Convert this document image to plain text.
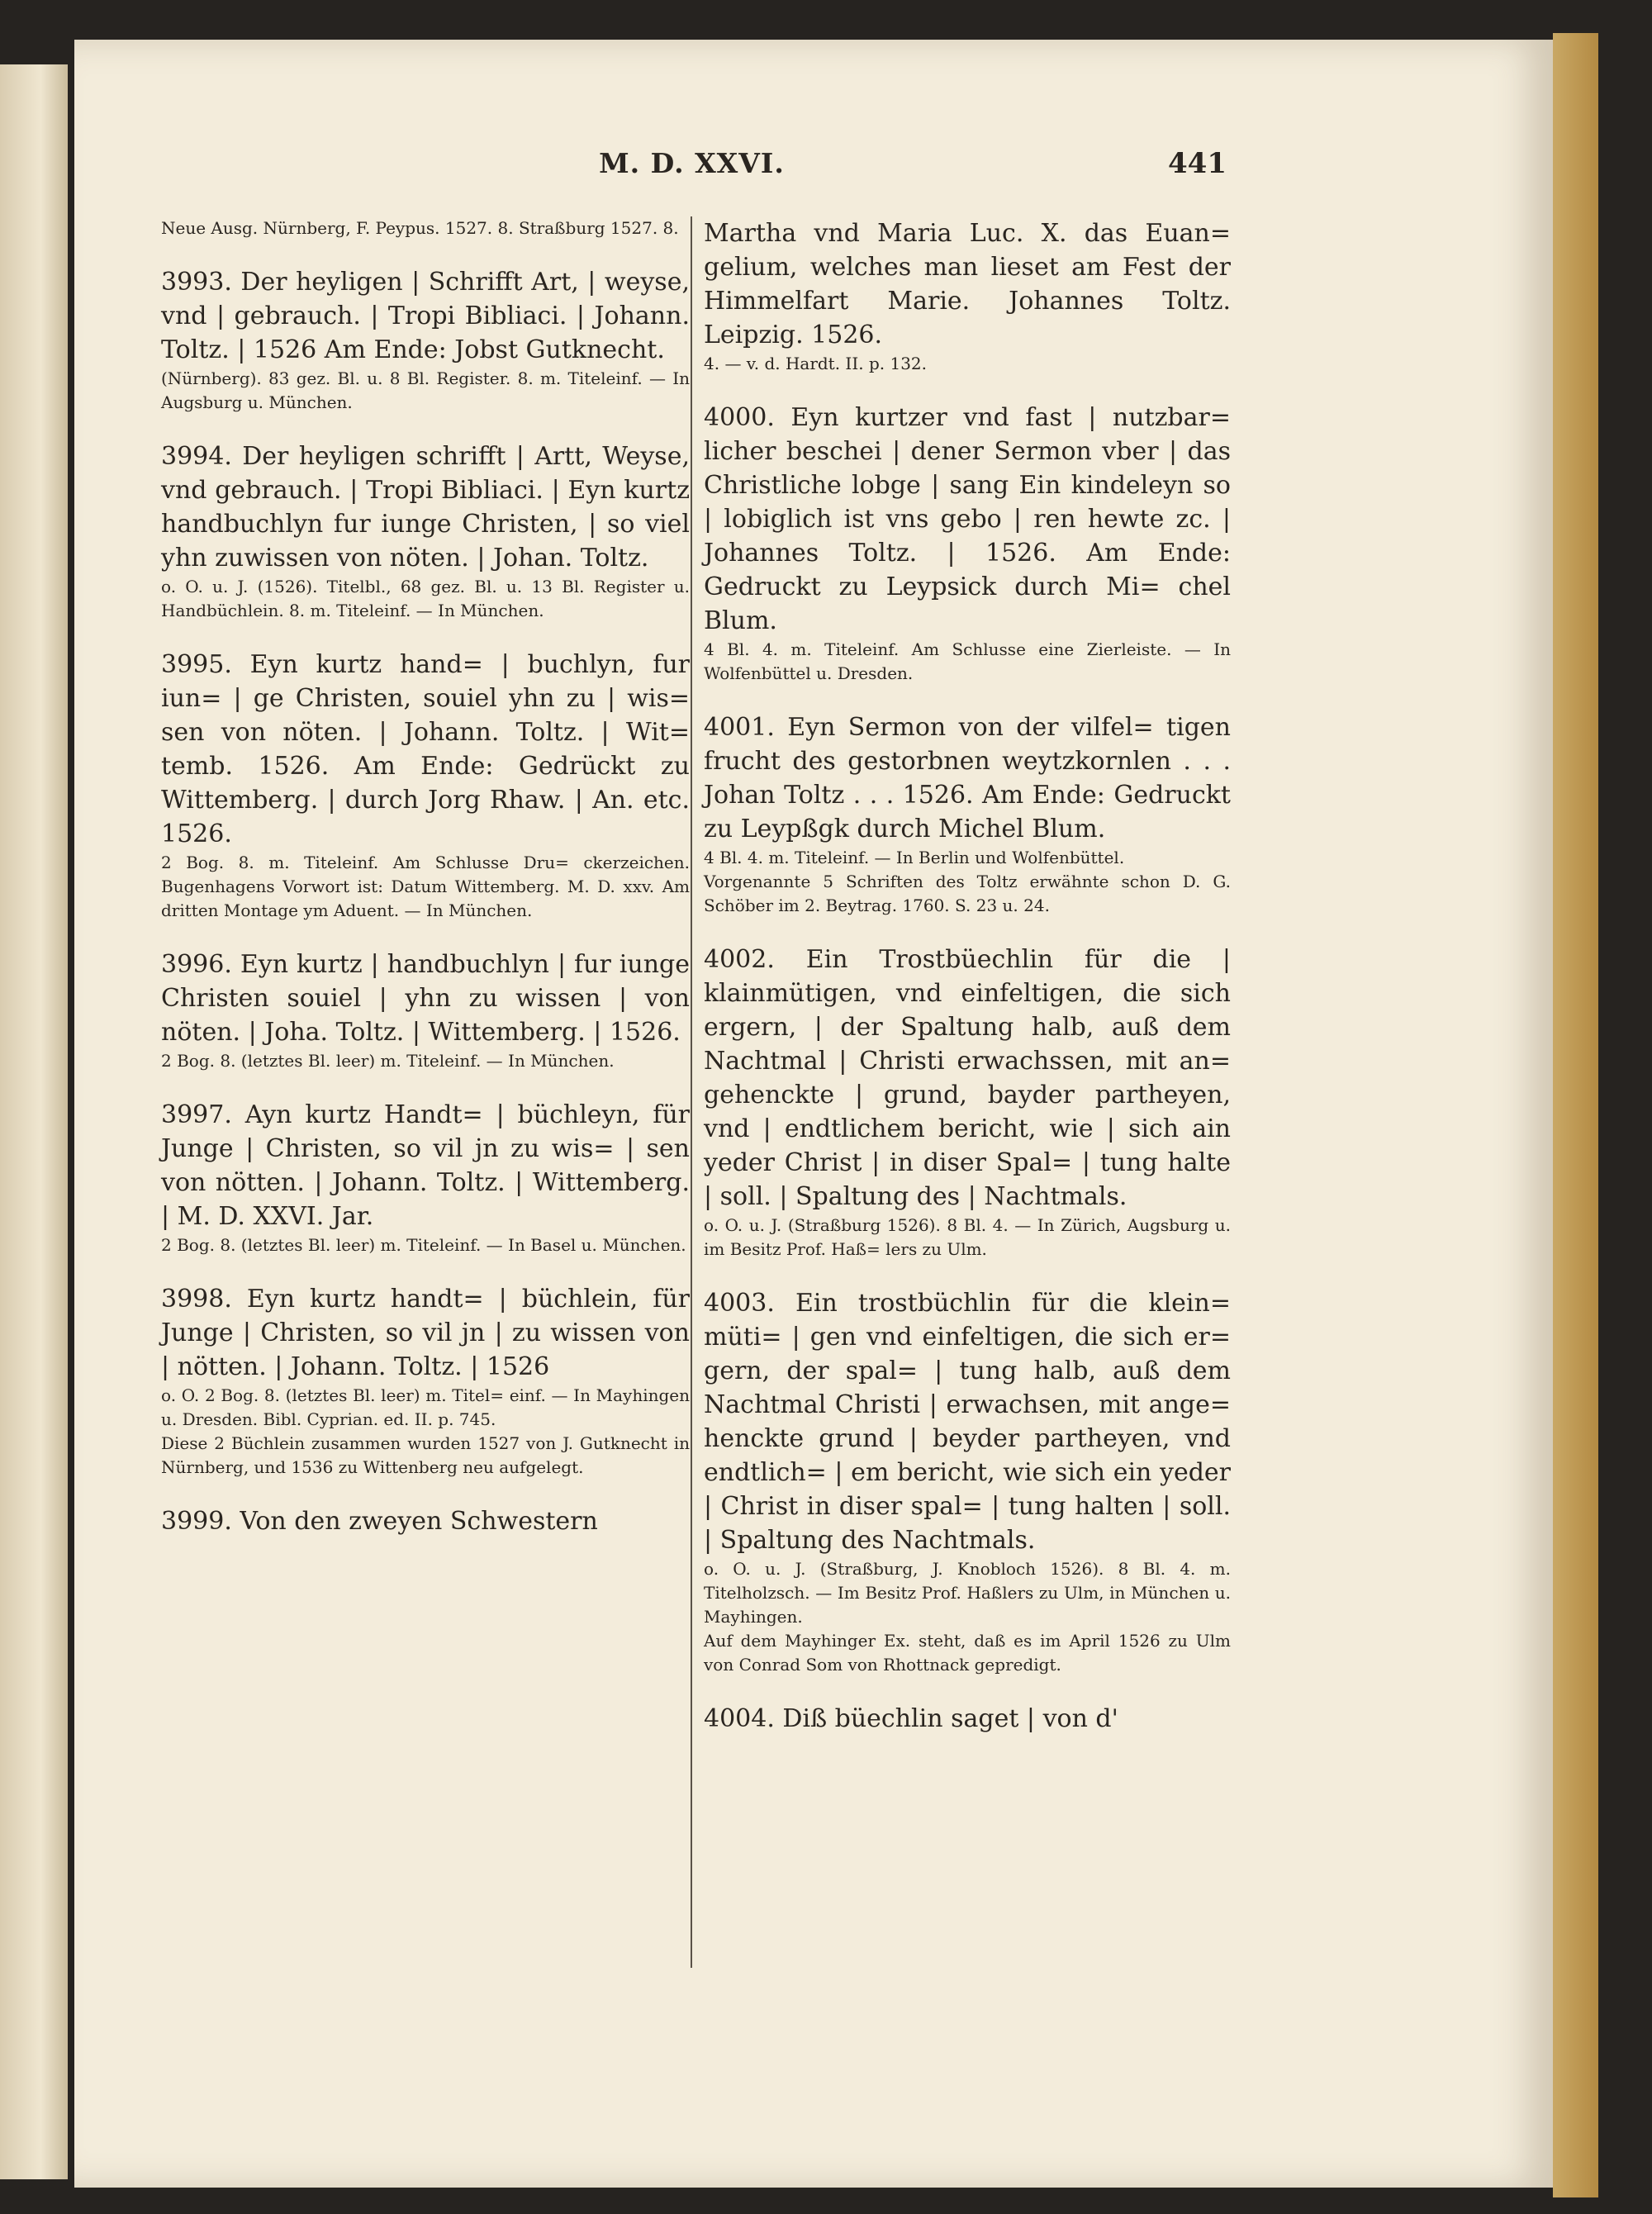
M. D. XXVI.	441

Neue Ausg. Nürnberg, F. Peypus. 1527. 8. Straßburg 1527. 8.

3993. Der heyligen | Schrifft Art, | weyse, vnd | gebrauch. | Tropi Bibliaci. | Johann. Toltz. | 1526 Am Ende: Jobst Gutknecht.

(Nürnberg). 83 gez. Bl. u. 8 Bl. Register. 8. m. Titeleinf. — In Augsburg u. München.

3994. Der heyligen schrifft | Artt, Weyse, vnd gebrauch. | Tropi Bibliaci. | Eyn kurtz handbuchlyn fur iunge Christen, | so viel yhn zuwissen von nöten. | Johan. Toltz.

o. O. u. J. (1526). Titelbl., 68 gez. Bl. u. 13 Bl. Register u. Handbüchlein. 8. m. Titeleinf. — In München.

3995. Eyn kurtz hand= | buchlyn, fur iun= | ge Christen, souiel yhn zu | wis= sen von nöten. | Johann. Toltz. | Wit= temb. 1526. Am Ende: Gedrückt zu Wittemberg. | durch Jorg Rhaw. | An. etc. 1526.

2 Bog. 8. m. Titeleinf. Am Schlusse Dru= ckerzeichen. Bugenhagens Vorwort ist: Datum Wittemberg. M. D. xxv. Am dritten Montage ym Aduent. — In München.

3996. Eyn kurtz | handbuchlyn | fur iunge Christen souiel | yhn zu wissen | von nöten. | Joha. Toltz. | Wittemberg. | 1526.

2 Bog. 8. (letztes Bl. leer) m. Titeleinf. — In München.

3997. Ayn kurtz Handt= | büchleyn, für Junge | Christen, so vil jn zu wis= | sen von nötten. | Johann. Toltz. | Wittemberg. | M. D. XXVI. Jar.

2 Bog. 8. (letztes Bl. leer) m. Titeleinf. — In Basel u. München.

3998. Eyn kurtz handt= | büchlein, für Junge | Christen, so vil jn | zu wissen von | nötten. | Johann. Toltz. | 1526

o. O. 2 Bog. 8. (letztes Bl. leer) m. Titel= einf. — In Mayhingen u. Dresden. Bibl. Cyprian. ed. II. p. 745.

Diese 2 Büchlein zusammen wurden 1527 von J. Gutknecht in Nürnberg, und 1536 zu Wittenberg neu aufgelegt.

3999. Von den zweyen Schwestern

Martha vnd Maria Luc. X. das Euan= gelium, welches man lieset am Fest der Himmelfart Marie. Johannes Toltz. Leipzig. 1526.

4. — v. d. Hardt. II. p. 132.

4000. Eyn kurtzer vnd fast | nutzbar= licher beschei | dener Sermon vber | das Christliche lobge | sang Ein kindeleyn so | lobiglich ist vns gebo | ren hewte zc. | Johannes Toltz. | 1526. Am Ende: Gedruckt zu Leypsick durch Mi= chel Blum.

4 Bl. 4. m. Titeleinf. Am Schlusse eine Zierleiste. — In Wolfenbüttel u. Dresden.

4001. Eyn Sermon von der vilfel= tigen frucht des gestorbnen weytzkornlen . . . Johan Toltz . . . 1526. Am Ende: Gedruckt zu Leypßgk durch Michel Blum.

4 Bl. 4. m. Titeleinf. — In Berlin und Wolfenbüttel.

Vorgenannte 5 Schriften des Toltz erwähnte schon D. G. Schöber im 2. Beytrag. 1760. S. 23 u. 24.

4002. Ein Trostbüechlin für die | klainmütigen, vnd einfeltigen, die sich ergern, | der Spaltung halb, auß dem Nachtmal | Christi erwachssen, mit an= gehenckte | grund, bayder partheyen, vnd | endtlichem bericht, wie | sich ain yeder Christ | in diser Spal= | tung halte | soll. | Spaltung des | Nachtmals.

o. O. u. J. (Straßburg 1526). 8 Bl. 4. — In Zürich, Augsburg u. im Besitz Prof. Haß= lers zu Ulm.

4003. Ein trostbüchlin für die klein= müti= | gen vnd einfeltigen, die sich er= gern, der spal= | tung halb, auß dem Nachtmal Christi | erwachsen, mit ange= henckte grund | beyder partheyen, vnd endtlich= | em bericht, wie sich ein yeder | Christ in diser spal= | tung halten | soll. | Spaltung des Nachtmals.

o. O. u. J. (Straßburg, J. Knobloch 1526). 8 Bl. 4. m. Titelholzsch. — Im Besitz Prof. Haßlers zu Ulm, in München u. Mayhingen.

Auf dem Mayhinger Ex. steht, daß es im April 1526 zu Ulm von Conrad Som von Rhottnack gepredigt.

4004. Diß büechlin saget | von d'
